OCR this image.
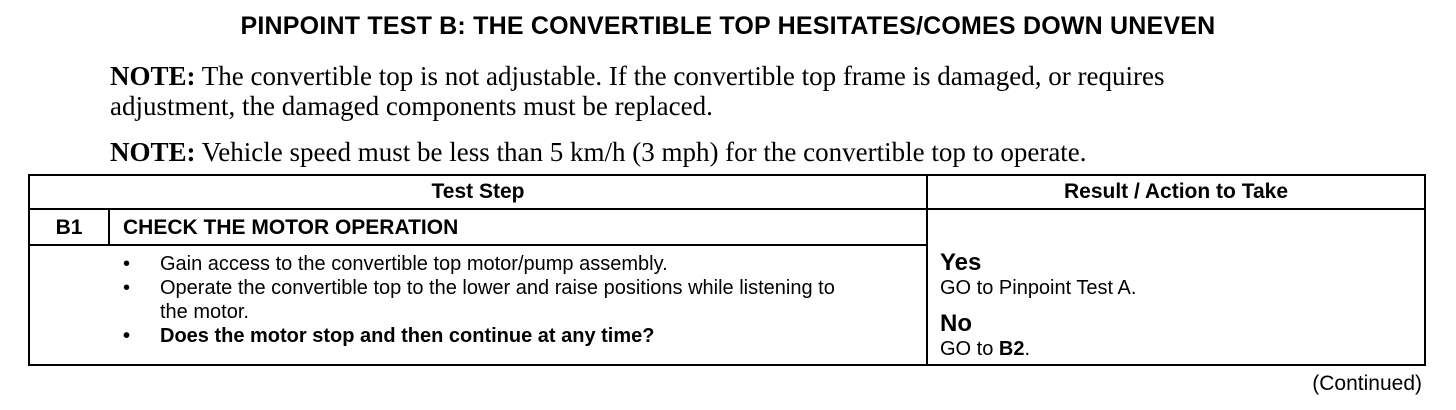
PINPOINT TEST B: THE CONVERTIBLE TOP HESITATES/COMES DOWN UNEVEN
NOTE: The convertible top is not adjustable. If the convertible top frame is damaged, or requires adjustment, the damaged components must be replaced.
NOTE: Vehicle speed must be less than 5 km/h (3 mph) for the convertible top to operate.
Test Step	Result / Action to Take
B1	CHECK THE MOTOR OPERATION
• Gain access to the convertible top motor/pump assembly.
• Operate the convertible top to the lower and raise positions while listening to the motor.
• Does the motor stop and then continue at any time?
Yes
GO to Pinpoint Test A.
No
GO to B2.
(Continued)
